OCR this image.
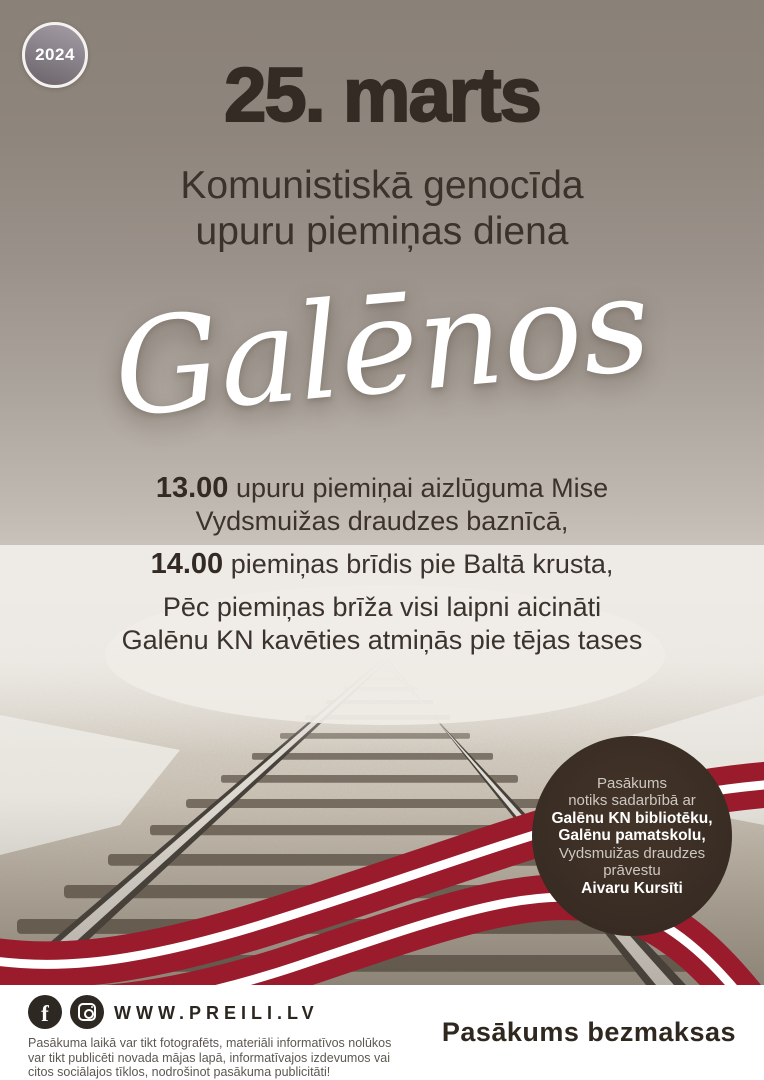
2024	25. marts
Komunistiskā genocīda
upuru piemiņas diena
Galēnos
13.00 upuru piemiņai aizlūguma Mise
Vydsmuižas draudzes baznīcā,
14.00 piemiņas brīdis pie Baltā krusta,
Pēc piemiņas brīža visi laipni aicināti
Galēnu KN kavēties atmiņās pie tējas tases
Pasākums
notiks sadarbībā ar
Galēnu KN bibliotēku,
Galēnu pamatskolu,
Vydsmuižas draudzes
prāvestu
Aivaru Kursīti
f	WWW.PREILI.LV
Pasākuma laikā var tikt fotografēts, materiāli informatīvos nolūkos
var tikt publicēti novada mājas lapā, informatīvajos izdevumos vai
citos sociālajos tīklos, nodrošinot pasākuma publicitāti!
Pasākums bezmaksas
